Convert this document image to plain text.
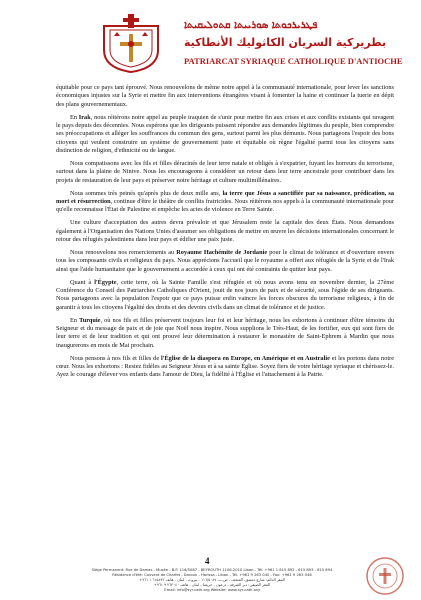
ܦܛܪܝܪܟܘܬܐ ܣܘܪܝܝܬܐ ܩܬܘܠܝܩܝܬܐ
بطريركية السريان الكاثوليك الأنطاكية
PATRIARCAT SYRIAQUE CATHOLIQUE D'ANTIOCHE

équitable pour ce pays tant éprouvé. Nous renouvelons de même notre appel à la communauté internationale, pour lever les sanctions économiques injustes sur la Syrie et mettre fin aux interventions étrangères visant à fomenter la haine et continuer la tuerie en dépit des plans gouvernementaux.

En Irak, nous réitérons notre appel au peuple iraquien de s'unir pour mettre fin aux crises et aux conflits existants qui ravagent le pays depuis des décennies. Nous espérons que les dirigeants puissent répondre aux demandes légitimes du peuple, bien comprendre ses préoccupations et alléger les souffrances du commun des gens, surtout parmi les plus démunis. Nous partageons l'espoir des bons citoyens qui veulent construire un système de gouvernement juste et équitable où règne l'égalité parmi tous les citoyens sans distinction de religion, d'ethnicité ou de langue.

Nous compatissons avec les fils et filles déracinés de leur terre natale et obligés à s'expatrier, fuyant les horreurs du terrorisme, surtout dans la plaine de Ninive. Nous les encourageons à considérer un retour dans leur terre ancestrale pour contribuer dans les projets de restauration de leur pays et préserver notre héritage et culture multimillénaires.

Nous sommes très peinés qu'après plus de deux mille ans, la terre que Jésus a sanctifiée par sa naissance, prédication, sa mort et résurrection, continue d'être le théâtre de conflits fratricides. Nous réitérons nos appels à la communauté internationale pour qu'elle reconnaisse l'État de Palestine et empêche les actes de violence en Terre Sainte.

Une culture d'acceptation des autres devra prévaloir et que Jérusalem reste la capitale des deux États. Nous demandons également à l'Organisation des Nations Unies d'assumer ses obligations de mettre en œuvre les décisions internationales concernant le retour des réfugiés palestiniens dans leur pays et édifier une paix juste.

Nous renouvelons nos remerciements au Royaume Hachémite de Jordanie pour le climat de tolérance et d'ouverture envers tous les composants civils et religieux du pays. Nous apprécions l'accueil que le royaume a offert aux réfugiés de la Syrie et de l'Irak ainsi que l'aide humanitaire que le gouvernement a accordée à ceux qui ont été contraints de quitter leur pays.

Quant à l'Égypte, cette terre, où la Sainte Famille s'est réfugiée et où nous avons tenu en novembre dernier, la 27ème Conférence du Conseil des Patriarches Catholiques d'Orient, jouit de nos jours de paix et de sécurité, sous l'égide de ses dirigeants. Nous partageons avec la population l'espoir que ce pays puisse enfin vaincre les forces obscures du terrorisme religieux, à fin de garantir à tous les citoyens l'égalité des droits et des devoirs civils dans un climat de tolérance et de justice.

En Turquie, où nos fils et filles préservent toujours leur foi et leur héritage, nous les exhortons à continuer d'être témoins du Seigneur et du message de paix et de joie que Noël nous inspire. Nous supplions le Très-Haut, de les fortifier, eux qui sont fiers de leur terre et de leur tradition et qui ont prouvé leur détermination à restaurer le monastère de Saint-Ephrem à Mardin que nous inaugurerons en mois de Mai prochain.

Nous pensons à nos fils et filles de l'Église de la diaspora en Europe, en Amérique et en Australie et les portons dans notre cœur. Nous les exhortons : Restez fidèles au Seigneur Jésus et à sa sainte Église. Soyez fiers de votre héritage syriaque et chérissez-le. Ayez le courage d'élever vos enfants dans l'amour de Dieu, la fidélité à l'Église et l'attachement à la Patrie.

4
Siège Permanent: Rue de Damas - Musée - B.P. 116/5087 - BEYROUTH 1106-2010 Liban - Tél. +961 1 615 892 - 615 893 - 615 894
Résidence d'été: Couvent de Charfet - Daroun - Harissa - Liban - Tél. +961 9 263 040 - Fax: +961 9 263 046
المقر الدائم: شارع دمشق، المتحف - ص.ب. ١١٦/٥٠٨٧ - بيروت - لبنان - هاتف ٦١٥٨٩٢ ١ ٩٦١+
المقر الصيفي: دير الشرفة - درعون - حريصا - لبنان - هاتف ٢٦٣٠٤٠ ٩ ٩٦١+
Email: info@syr-cath.org Website: www.syr-cath.org
